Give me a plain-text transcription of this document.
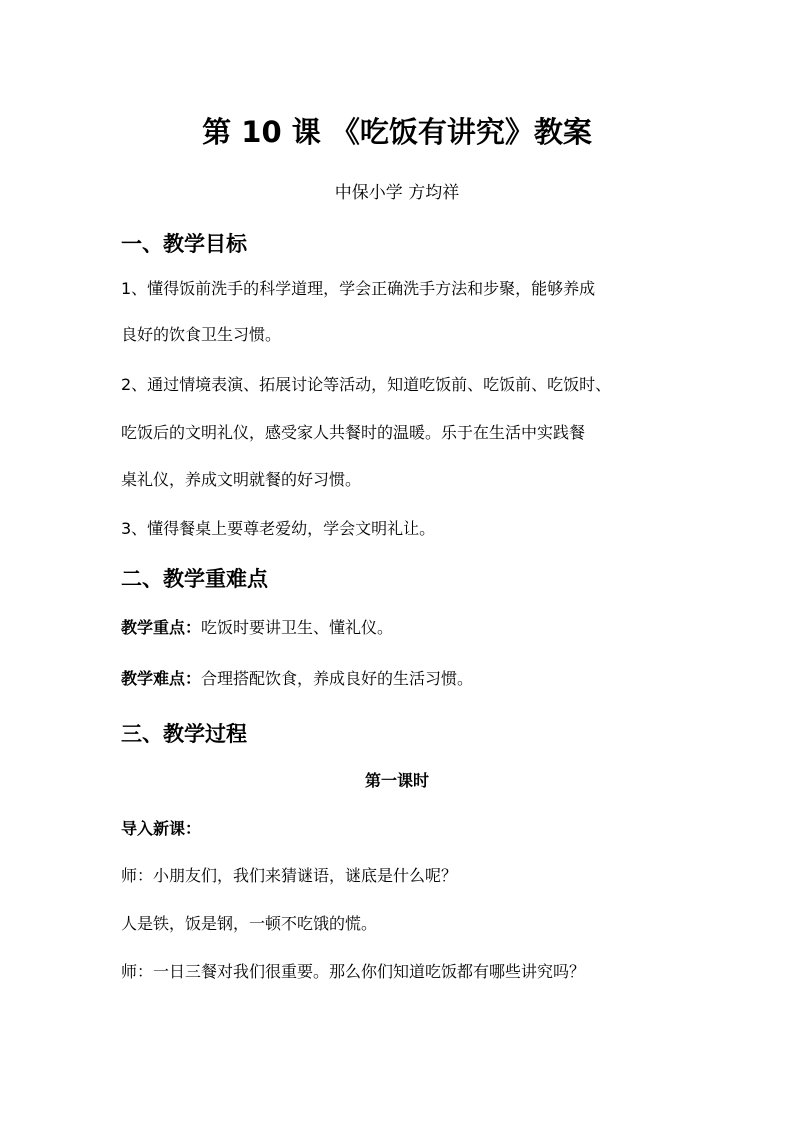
第 10 课 《吃饭有讲究》教案
中保小学 方均祥
一、教学目标
1、懂得饭前洗手的科学道理，学会正确洗手方法和步聚，能够养成
良好的饮食卫生习惯。
2、通过情境表演、拓展讨论等活动，知道吃饭前、吃饭前、吃饭时、
吃饭后的文明礼仪，感受家人共餐时的温暖。乐于在生活中实践餐
桌礼仪，养成文明就餐的好习惯。
3、懂得餐桌上要尊老爱幼，学会文明礼让。
二、教学重难点
教学重点：吃饭时要讲卫生、懂礼仪。
教学难点：合理搭配饮食，养成良好的生活习惯。
三、教学过程
第一课时
导入新课：
师：小朋友们，我们来猜谜语，谜底是什么呢？
人是铁，饭是钢，一顿不吃饿的慌。
师：一日三餐对我们很重要。那么你们知道吃饭都有哪些讲究吗？
